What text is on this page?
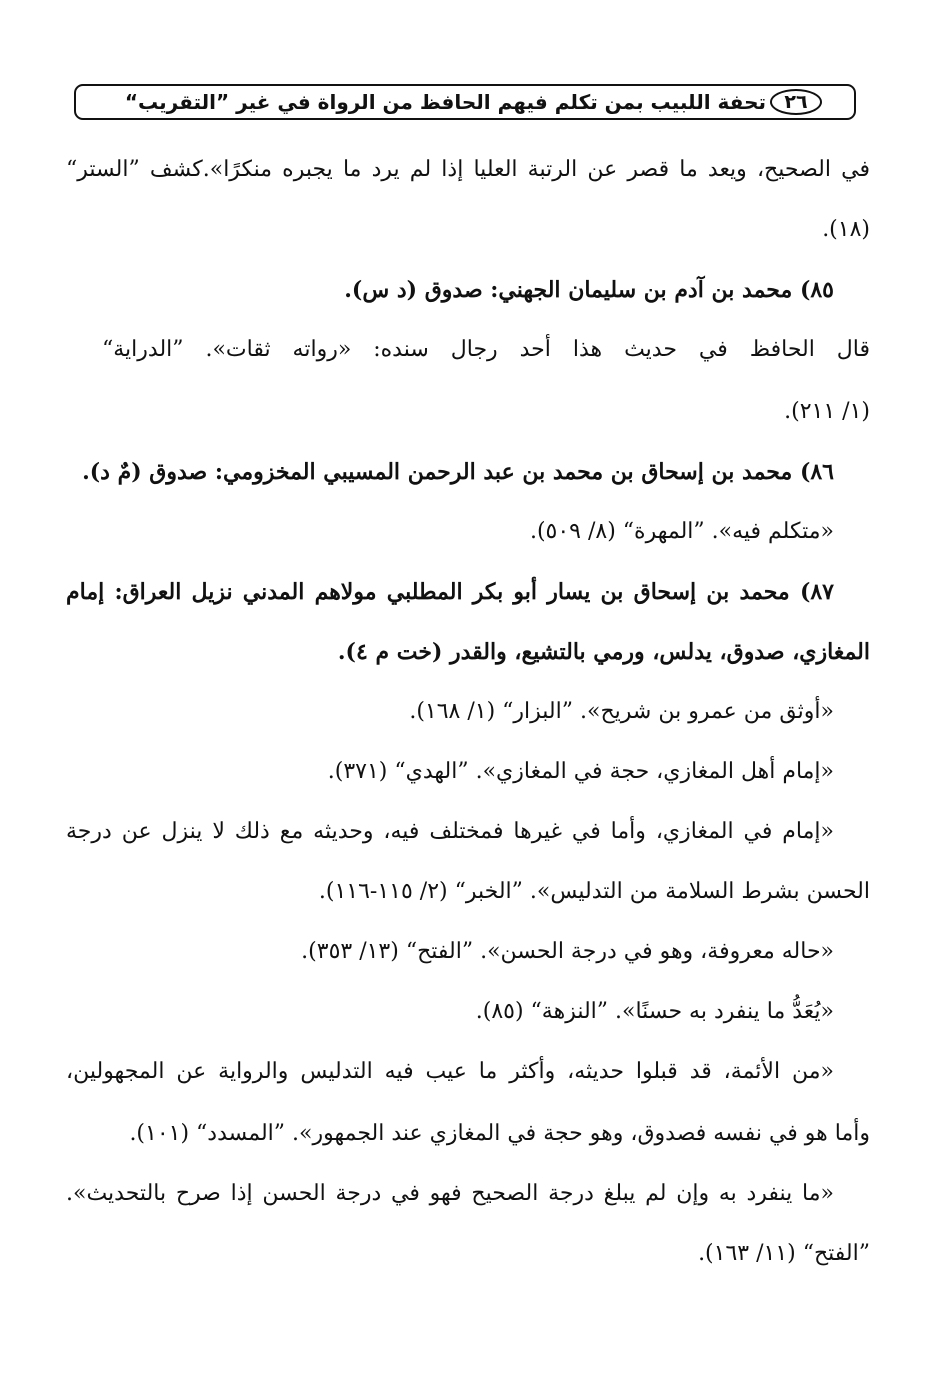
تحفة اللبيب بمن تكلم فيهم الحافظ من الرواة في غير ”التقريب“ ٢٦
في الصحيح، ويعد ما قصر عن الرتبة العليا إذا لم يرد ما يجبره منكرًا».كشف ”الستر“
(١٨).
٨٥) محمد بن آدم بن سليمان الجهني: صدوق (د س).
قال الحافظ في حديث هذا أحد رجال سنده: «رواته ثقات». ”الدراية“
(١/ ٢١١).
٨٦) محمد بن إسحاق بن محمد بن عبد الرحمن المسيبي المخزومي: صدوق (مٌ د).
«متكلم فيه». ”المهرة“ (٨/ ٥٠٩).
٨٧) محمد بن إسحاق بن يسار أبو بكر المطلبي مولاهم المدني نزيل العراق: إمام
المغازي، صدوق، يدلس، ورمي بالتشيع، والقدر (خت م ٤).
«أوثق من عمرو بن شريح». ”البزار“ (١/ ١٦٨).
«إمام أهل المغازي، حجة في المغازي». ”الهدي“ (٣٧١).
«إمام في المغازي، وأما في غيرها فمختلف فيه، وحديثه مع ذلك لا ينزل عن درجة
الحسن بشرط السلامة من التدليس». ”الخبر“ (٢/ ١١٥-١١٦).
«حاله معروفة، وهو في درجة الحسن». ”الفتح“ (١٣/ ٣٥٣).
«يُعَدُّ ما ينفرد به حسنًا». ”النزهة“ (٨٥).
«من الأئمة، قد قبلوا حديثه، وأكثر ما عيب فيه التدليس والرواية عن المجهولين،
وأما هو في نفسه فصدوق، وهو حجة في المغازي عند الجمهور». ”المسدد“ (١٠١).
«ما ينفرد به وإن لم يبلغ درجة الصحيح فهو في درجة الحسن إذا صرح بالتحديث».
”الفتح“ (١١/ ١٦٣).
